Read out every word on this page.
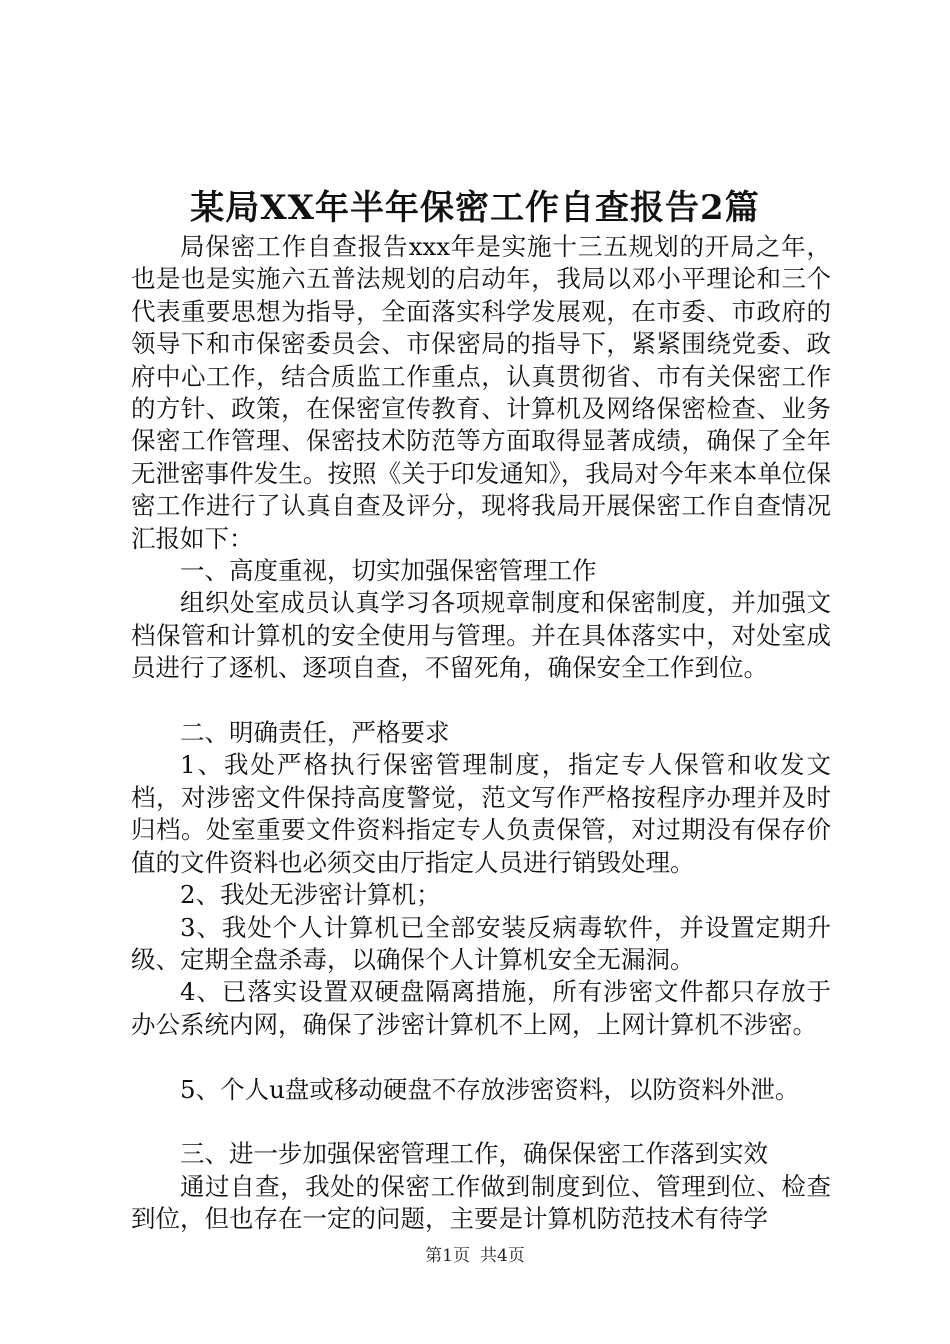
某局XX年半年保密工作自查报告2篇

局保密工作自查报告xxx年是实施十三五规划的开局之年，也是也是实施六五普法规划的启动年，我局以邓小平理论和三个代表重要思想为指导，全面落实科学发展观，在市委、市政府的领导下和市保密委员会、市保密局的指导下，紧紧围绕党委、政府中心工作，结合质监工作重点，认真贯彻省、市有关保密工作的方针、政策，在保密宣传教育、计算机及网络保密检查、业务保密工作管理、保密技术防范等方面取得显著成绩，确保了全年无泄密事件发生。按照《关于印发通知》，我局对今年来本单位保密工作进行了认真自查及评分，现将我局开展保密工作自查情况汇报如下：

一、高度重视，切实加强保密管理工作

组织处室成员认真学习各项规章制度和保密制度，并加强文档保管和计算机的安全使用与管理。并在具体落实中，对处室成员进行了逐机、逐项自查，不留死角，确保安全工作到位。

二、明确责任，严格要求

1、我处严格执行保密管理制度，指定专人保管和收发文档，对涉密文件保持高度警觉，范文写作严格按程序办理并及时归档。处室重要文件资料指定专人负责保管，对过期没有保存价值的文件资料也必须交由厅指定人员进行销毁处理。

2、我处无涉密计算机；

3、我处个人计算机已全部安装反病毒软件，并设置定期升级、定期全盘杀毒，以确保个人计算机安全无漏洞。

4、已落实设置双硬盘隔离措施，所有涉密文件都只存放于办公系统内网，确保了涉密计算机不上网，上网计算机不涉密。

5、个人u盘或移动硬盘不存放涉密资料，以防资料外泄。

三、进一步加强保密管理工作，确保保密工作落到实效

通过自查，我处的保密工作做到制度到位、管理到位、检查到位，但也存在一定的问题，主要是计算机防范技术有待学

第1页 共4页
